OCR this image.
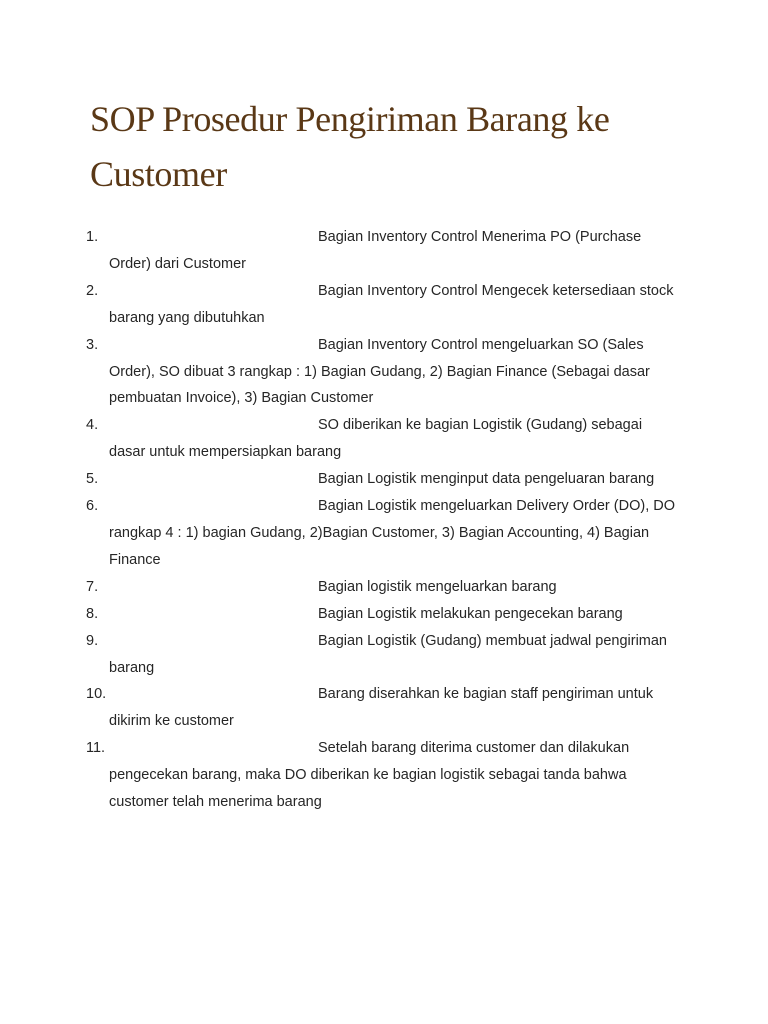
SOP Prosedur Pengiriman Barang ke Customer
1.	Bagian Inventory Control Menerima PO (Purchase Order) dari Customer
2.	Bagian Inventory Control Mengecek ketersediaan stock barang yang dibutuhkan
3.	Bagian Inventory Control mengeluarkan SO (Sales Order), SO dibuat 3 rangkap : 1) Bagian Gudang, 2) Bagian Finance (Sebagai dasar pembuatan Invoice), 3) Bagian Customer
4.	SO diberikan ke bagian Logistik (Gudang) sebagai dasar untuk mempersiapkan barang
5.	Bagian Logistik menginput data pengeluaran barang
6.	Bagian Logistik mengeluarkan Delivery Order (DO), DO rangkap 4 : 1) bagian Gudang, 2)Bagian Customer, 3) Bagian Accounting, 4) Bagian Finance
7.	Bagian logistik mengeluarkan barang
8.	Bagian Logistik melakukan pengecekan barang
9.	Bagian Logistik (Gudang) membuat jadwal pengiriman barang
10.	Barang diserahkan ke bagian staff pengiriman untuk dikirim ke customer
11.	Setelah barang diterima customer dan dilakukan pengecekan barang, maka DO diberikan ke bagian logistik sebagai tanda bahwa customer telah menerima barang
